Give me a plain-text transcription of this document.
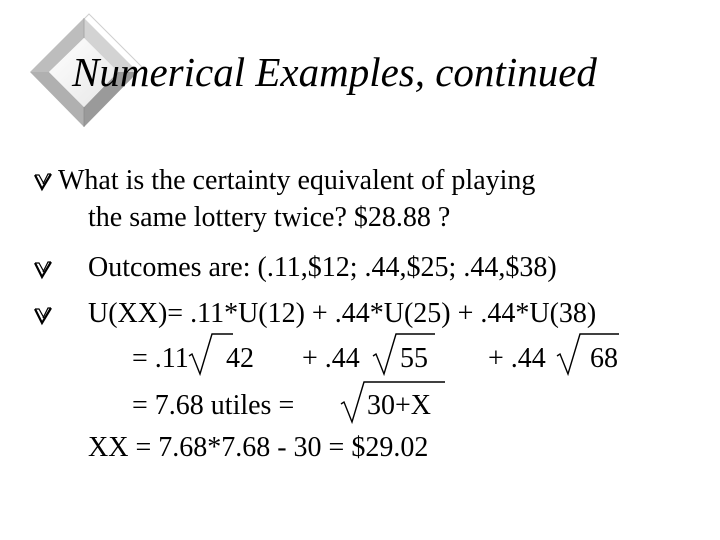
Numerical Examples, continued
What is the certainty equivalent of playing
the same lottery twice? $28.88 ?
Outcomes are: (.11,$12; .44,$25; .44,$38)
U(XX)= .11*U(12) + .44*U(25) + .44*U(38)
= .11 42 + .44 55 + .44 68
= 7.68 utiles =	30+X
XX = 7.68*7.68 - 30 = $29.02
